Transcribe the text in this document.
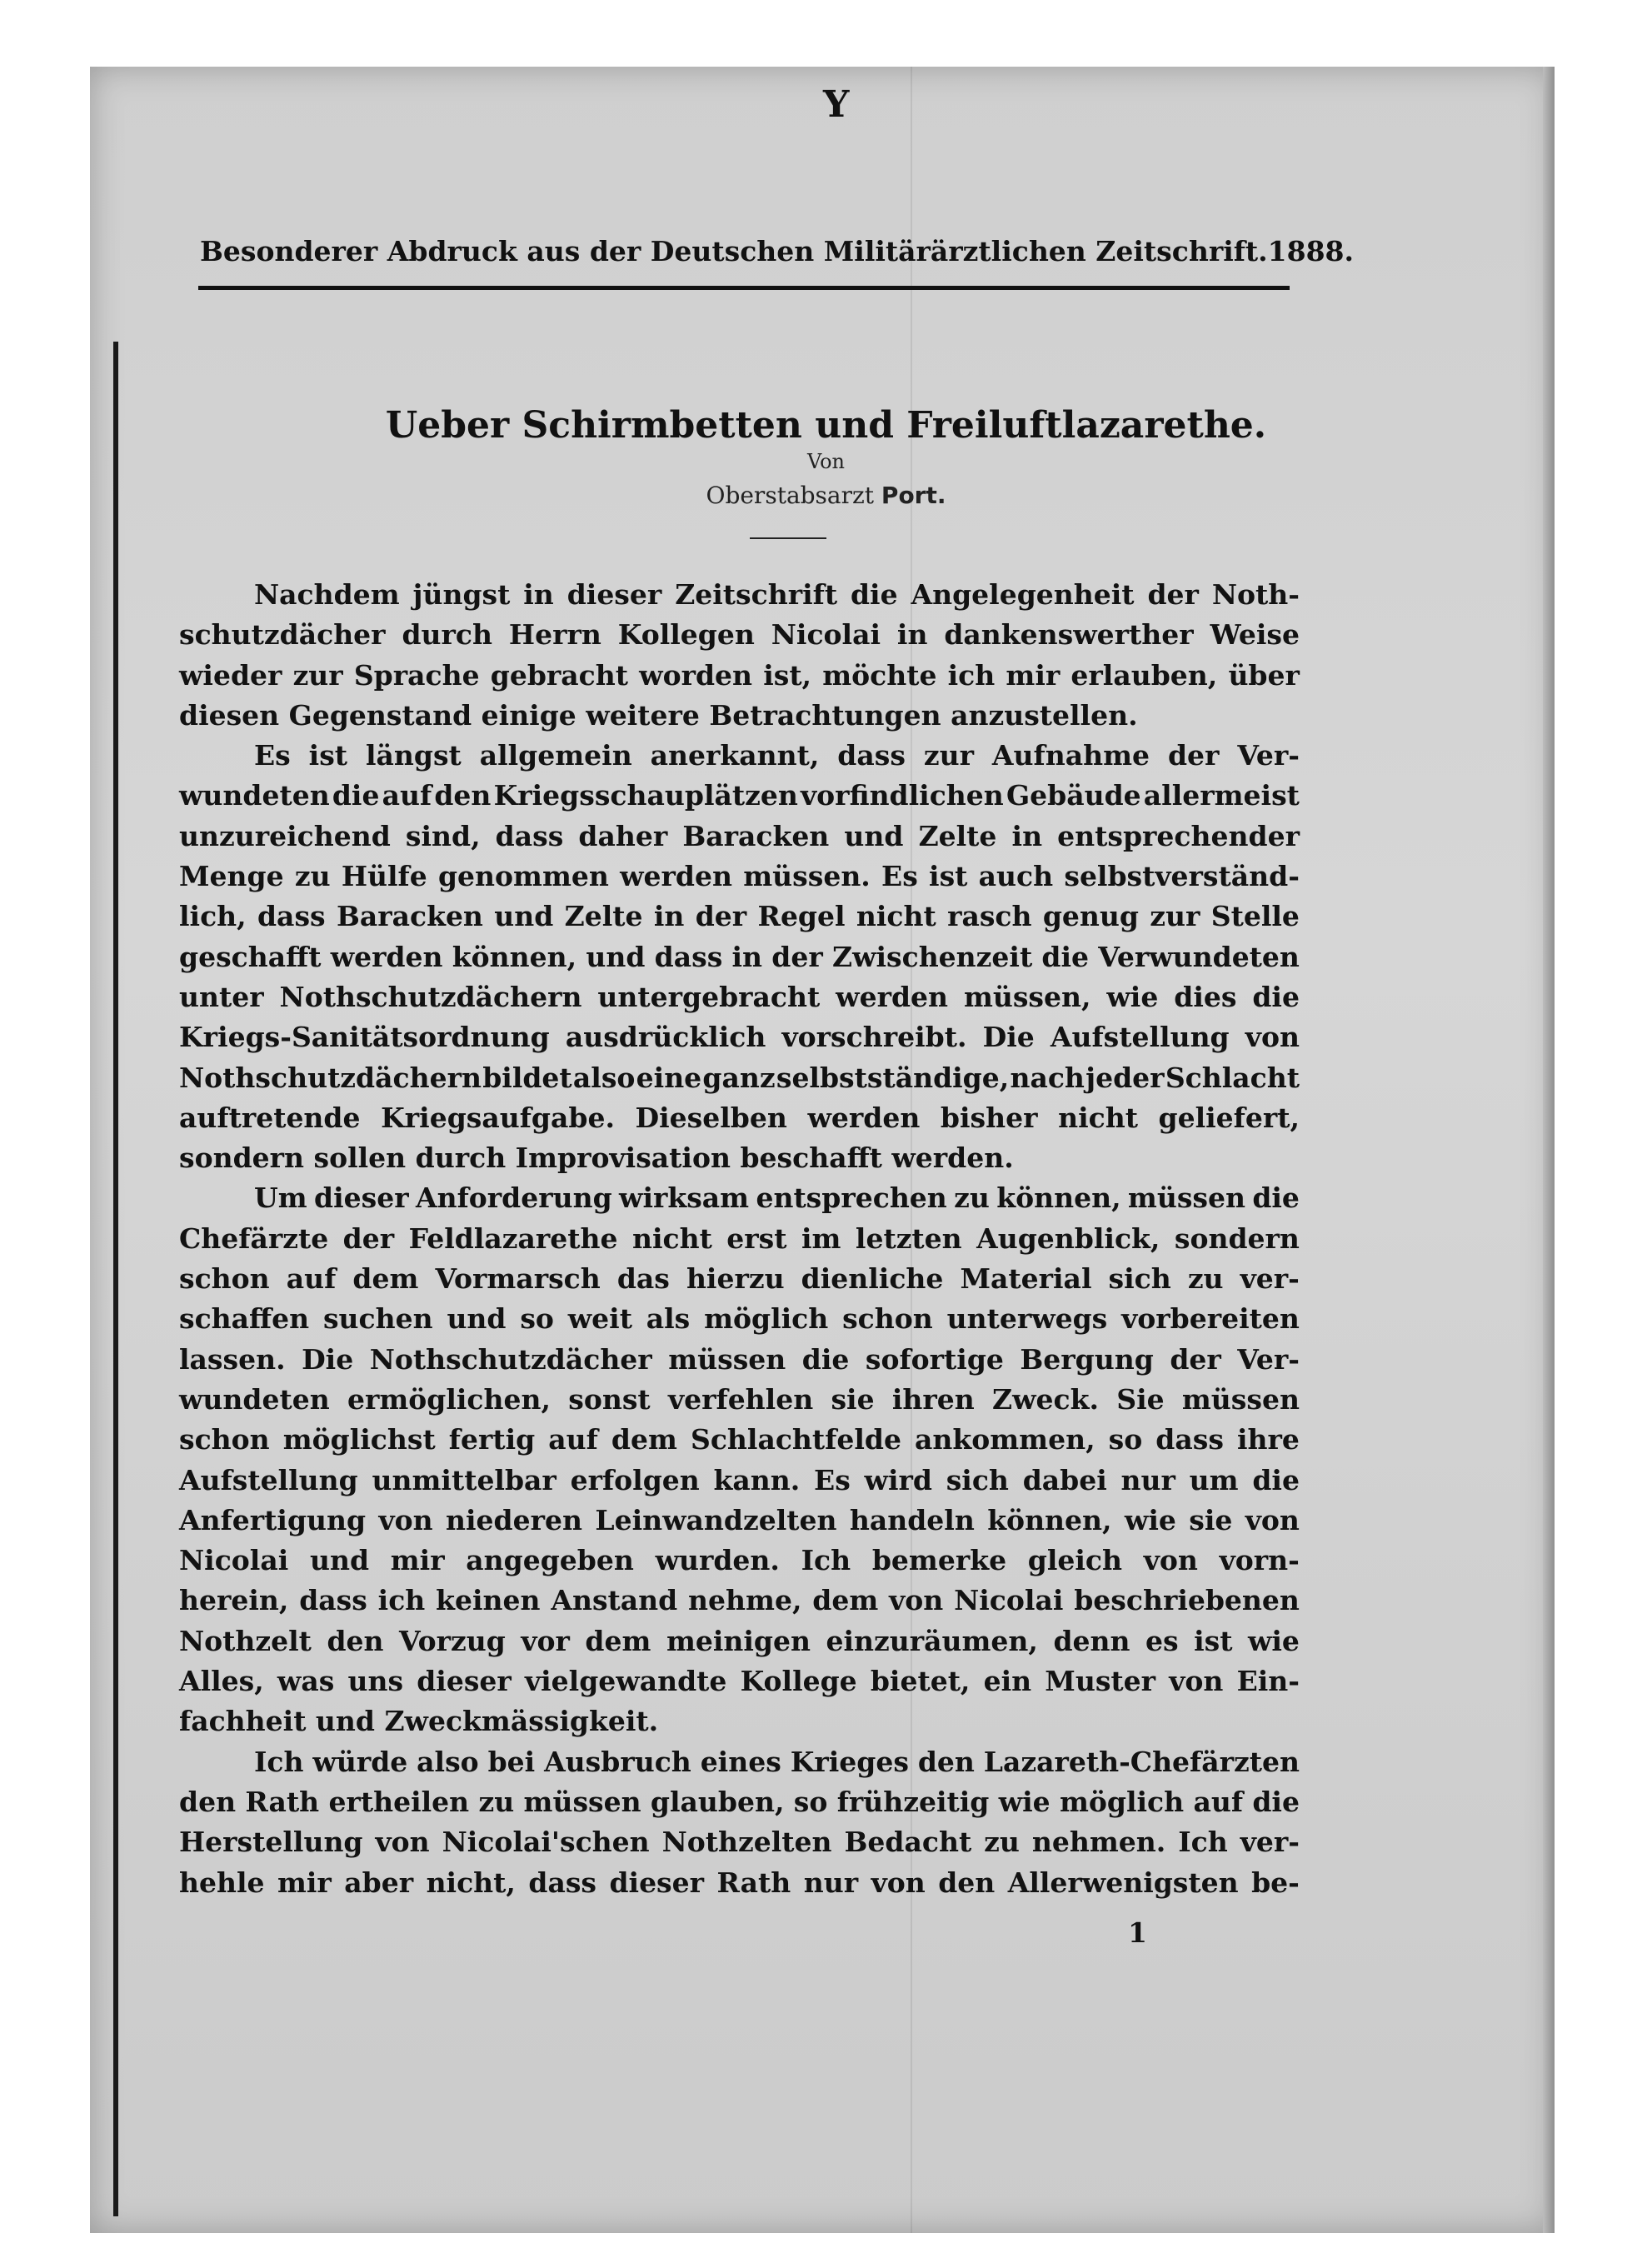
Y
Besonderer Abdruck aus der Deutschen Militärärztlichen Zeitschrift. 1888.
Ueber Schirmbetten und Freiluftlazarethe.
Von
Oberstabsarzt Port.
Nachdem jüngst in dieser Zeitschrift die Angelegenheit der Noth-
schutzdächer durch Herrn Kollegen Nicolai in dankenswerther Weise
wieder zur Sprache gebracht worden ist, möchte ich mir erlauben, über
diesen Gegenstand einige weitere Betrachtungen anzustellen.
Es ist längst allgemein anerkannt, dass zur Aufnahme der Ver-
wundeten die auf den Kriegsschauplätzen vorfindlichen Gebäude allermeist
unzureichend sind, dass daher Baracken und Zelte in entsprechender
Menge zu Hülfe genommen werden müssen. Es ist auch selbstverständ-
lich, dass Baracken und Zelte in der Regel nicht rasch genug zur Stelle
geschafft werden können, und dass in der Zwischenzeit die Verwundeten
unter Nothschutzdächern untergebracht werden müssen, wie dies die
Kriegs-Sanitätsordnung ausdrücklich vorschreibt. Die Aufstellung von
Nothschutzdächern bildet also eine ganz selbstständige, nach jeder Schlacht
auftretende Kriegsaufgabe. Dieselben werden bisher nicht geliefert,
sondern sollen durch Improvisation beschafft werden.
Um dieser Anforderung wirksam entsprechen zu können, müssen die
Chefärzte der Feldlazarethe nicht erst im letzten Augenblick, sondern
schon auf dem Vormarsch das hierzu dienliche Material sich zu ver-
schaffen suchen und so weit als möglich schon unterwegs vorbereiten
lassen. Die Nothschutzdächer müssen die sofortige Bergung der Ver-
wundeten ermöglichen, sonst verfehlen sie ihren Zweck. Sie müssen
schon möglichst fertig auf dem Schlachtfelde ankommen, so dass ihre
Aufstellung unmittelbar erfolgen kann. Es wird sich dabei nur um die
Anfertigung von niederen Leinwandzelten handeln können, wie sie von
Nicolai und mir angegeben wurden. Ich bemerke gleich von vorn-
herein, dass ich keinen Anstand nehme, dem von Nicolai beschriebenen
Nothzelt den Vorzug vor dem meinigen einzuräumen, denn es ist wie
Alles, was uns dieser vielgewandte Kollege bietet, ein Muster von Ein-
fachheit und Zweckmässigkeit.
Ich würde also bei Ausbruch eines Krieges den Lazareth-Chefärzten
den Rath ertheilen zu müssen glauben, so frühzeitig wie möglich auf die
Herstellung von Nicolai'schen Nothzelten Bedacht zu nehmen. Ich ver-
hehle mir aber nicht, dass dieser Rath nur von den Allerwenigsten be-
1
